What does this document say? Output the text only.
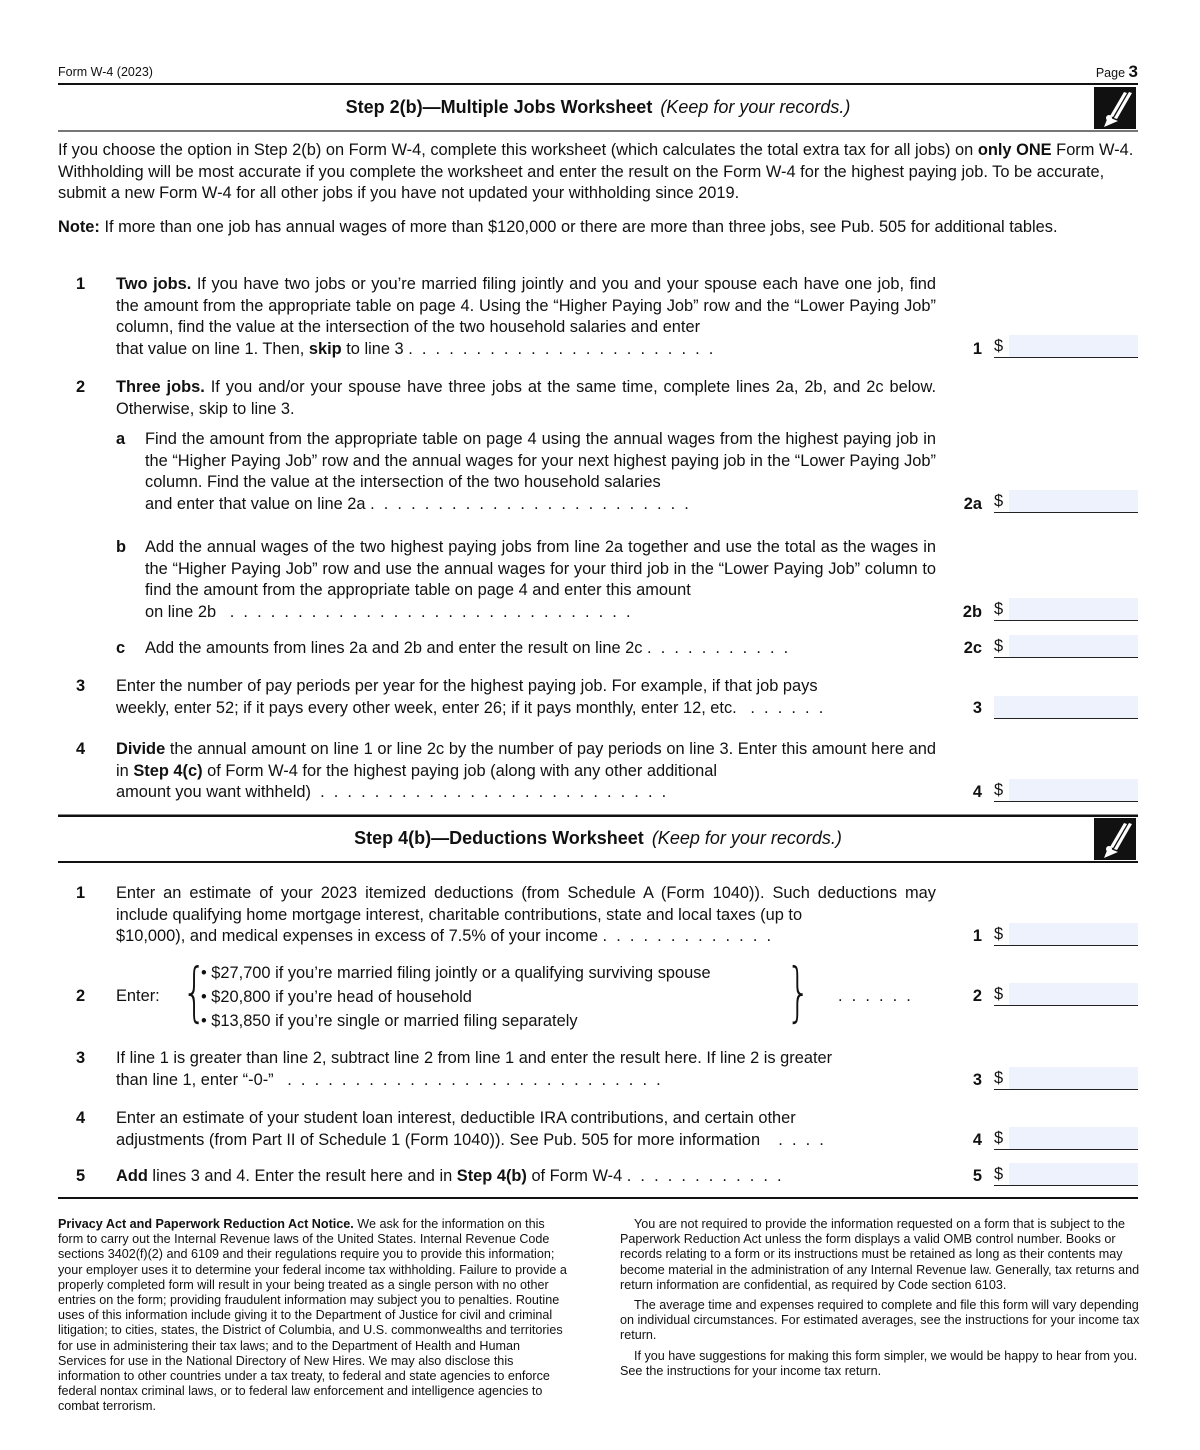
Form W-4 (2023)	Page 3
Step 2(b)—Multiple Jobs Worksheet (Keep for your records.)
If you choose the option in Step 2(b) on Form W-4, complete this worksheet (which calculates the total extra tax for all jobs) on only ONE Form W-4. Withholding will be most accurate if you complete the worksheet and enter the result on the Form W-4 for the highest paying job. To be accurate, submit a new Form W-4 for all other jobs if you have not updated your withholding since 2019.
Note: If more than one job has annual wages of more than $120,000 or there are more than three jobs, see Pub. 505 for additional tables.
1 Two jobs. If you have two jobs or you’re married filing jointly and you and your spouse each have one job, find the amount from the appropriate table on page 4. Using the “Higher Paying Job” row and the “Lower Paying Job” column, find the value at the intersection of the two household salaries and enter
that value on line 1. Then, skip to line 3 .  .  .  .  .  .  .  .  .  .  .  .  .  .  .  .  .  .  .  .  .  .  .	1 $
2 Three jobs. If you and/or your spouse have three jobs at the same time, complete lines 2a, 2b, and 2c below. Otherwise, skip to line 3.
a Find the amount from the appropriate table on page 4 using the annual wages from the highest paying job in the “Higher Paying Job” row and the annual wages for your next highest paying job in the “Lower Paying Job” column. Find the value at the intersection of the two household salaries
and enter that value on line 2a .  .  .  .  .  .  .  .  .  .  .  .  .  .  .  .  .  .  .  .  .  .  .  .	2a $
b Add the annual wages of the two highest paying jobs from line 2a together and use the total as the wages in the “Higher Paying Job” row and use the annual wages for your third job in the “Lower Paying Job” column to find the amount from the appropriate table on page 4 and enter this amount
on line 2b   .  .  .  .  .  .  .  .  .  .  .  .  .  .  .  .  .  .  .  .  .  .  .  .  .  .  .  .  .  .	2b $
c Add the amounts from lines 2a and 2b and enter the result on line 2c .  .  .  .  .  .  .  .  .  .  .	2c $
3 Enter the number of pay periods per year for the highest paying job. For example, if that job pays
weekly, enter 52; if it pays every other week, enter 26; if it pays monthly, enter 12, etc.   .  .  .  .  .  .	3
4 Divide the annual amount on line 1 or line 2c by the number of pay periods on line 3. Enter this amount here and in Step 4(c) of Form W-4 for the highest paying job (along with any other additional
amount you want withheld)  .  .  .  .  .  .  .  .  .  .  .  .  .  .  .  .  .  .  .  .  .  .  .  .  .  .	4 $
Step 4(b)—Deductions Worksheet (Keep for your records.)
1 Enter an estimate of your 2023 itemized deductions (from Schedule A (Form 1040)). Such deductions may include qualifying home mortgage interest, charitable contributions, state and local taxes (up to
$10,000), and medical expenses in excess of 7.5% of your income .  .  .  .  .  .  .  .  .  .  .  .  .	1 $
2 Enter: {
• $27,700 if you’re married filing jointly or a qualifying surviving spouse
• $20,800 if you’re head of household
• $13,850 if you’re single or married filing separately	} .  .  .  .  .  .	2 $
3 If line 1 is greater than line 2, subtract line 2 from line 1 and enter the result here. If line 2 is greater
than line 1, enter “-0-”   .  .  .  .  .  .  .  .  .  .  .  .  .  .  .  .  .  .  .  .  .  .  .  .  .  .  .  .	3 $
4 Enter an estimate of your student loan interest, deductible IRA contributions, and certain other
adjustments (from Part II of Schedule 1 (Form 1040)). See Pub. 505 for more information    .  .  .  .	4 $
5 Add lines 3 and 4. Enter the result here and in Step 4(b) of Form W-4 .  .  .  .  .  .  .  .  .  .  .  .	5 $

Privacy Act and Paperwork Reduction Act Notice. We ask for the information on this form to carry out the Internal Revenue laws of the United States. Internal Revenue Code sections 3402(f)(2) and 6109 and their regulations require you to provide this information; your employer uses it to determine your federal income tax withholding. Failure to provide a properly completed form will result in your being treated as a single person with no other entries on the form; providing fraudulent information may subject you to penalties. Routine uses of this information include giving it to the Department of Justice for civil and criminal litigation; to cities, states, the District of Columbia, and U.S. commonwealths and territories for use in administering their tax laws; and to the Department of Health and Human Services for use in the National Directory of New Hires. We may also disclose this information to other countries under a tax treaty, to federal and state agencies to enforce federal nontax criminal laws, or to federal law enforcement and intelligence agencies to combat terrorism.

You are not required to provide the information requested on a form that is subject to the Paperwork Reduction Act unless the form displays a valid OMB control number. Books or records relating to a form or its instructions must be retained as long as their contents may become material in the administration of any Internal Revenue law. Generally, tax returns and return information are confidential, as required by Code section 6103.

The average time and expenses required to complete and file this form will vary depending on individual circumstances. For estimated averages, see the instructions for your income tax return.

If you have suggestions for making this form simpler, we would be happy to hear from you. See the instructions for your income tax return.
